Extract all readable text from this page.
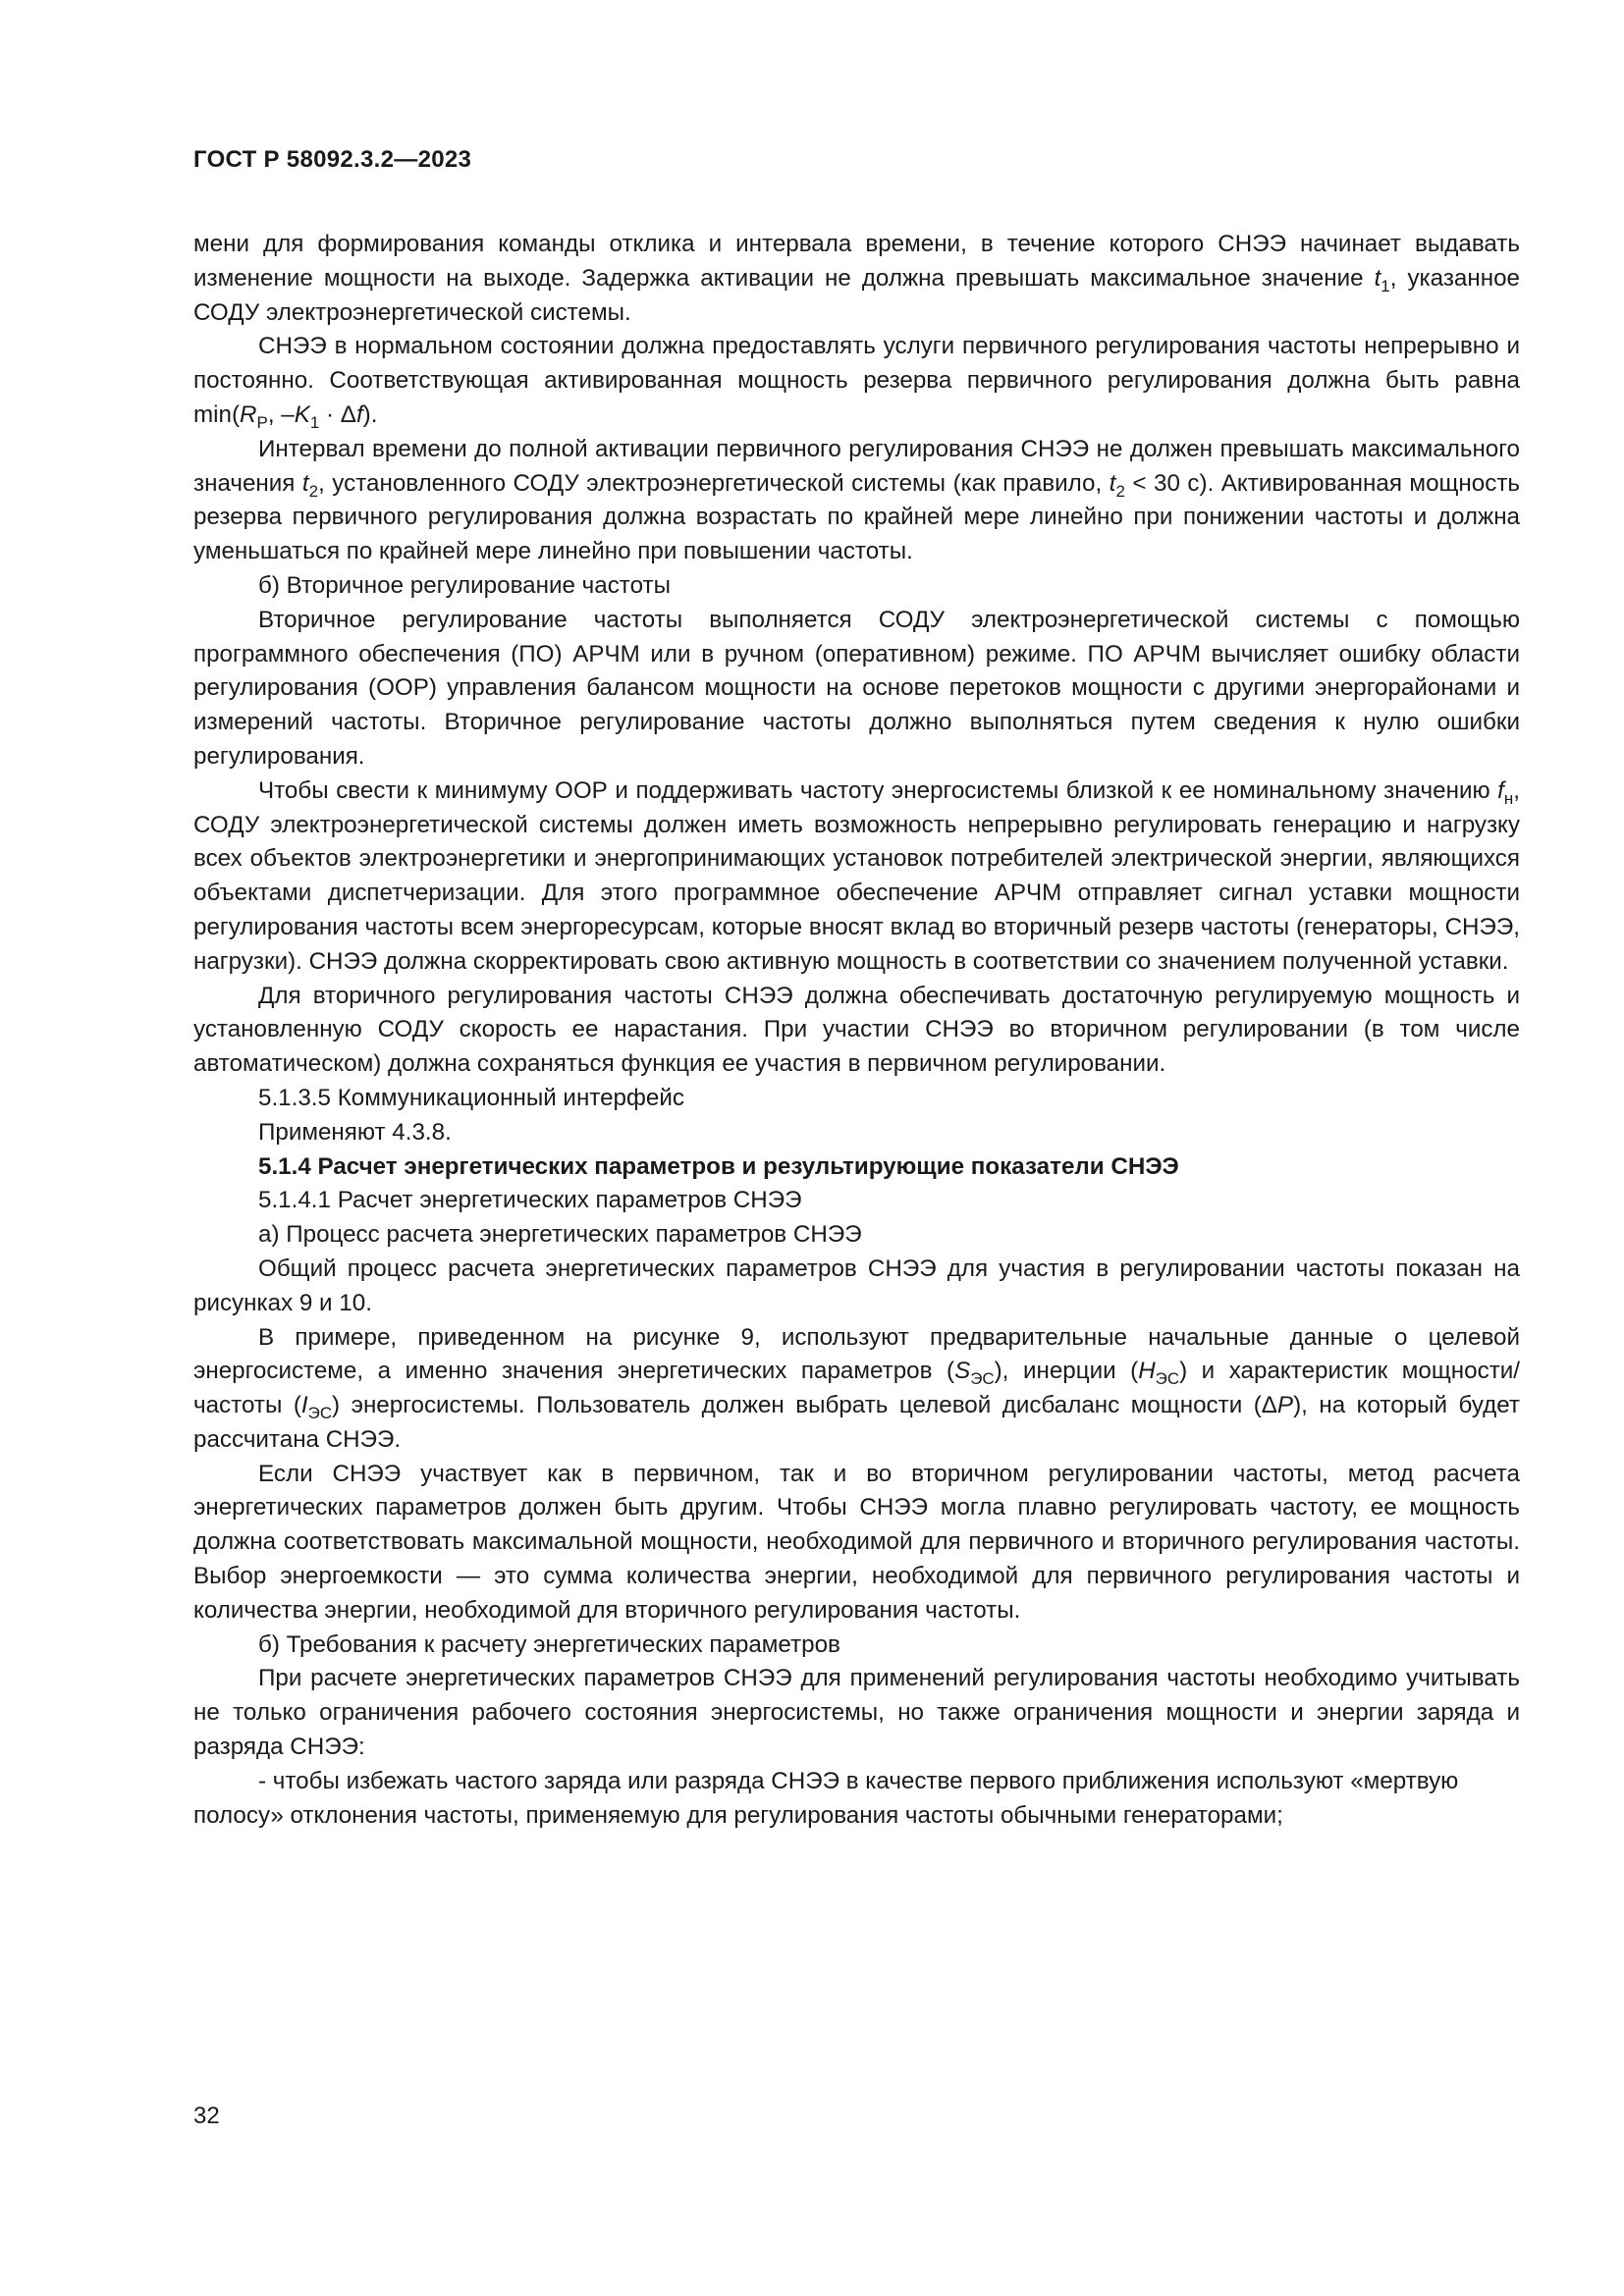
ГОСТ Р 58092.3.2—2023

мени для формирования команды отклика и интервала времени, в течение которого СНЭЭ начинает выдавать изменение мощности на выходе. Задержка активации не должна превышать максимальное значение $t_1$, указанное СОДУ электроэнергетической системы.

СНЭЭ в нормальном состоянии должна предоставлять услуги первичного регулирования частоты непрерывно и постоянно. Соответствующая активированная мощность резерва первичного регулирования должна быть равна $\min(R_P$, $-K_1 \cdot \Delta f$).

Интервал времени до полной активации первичного регулирования СНЭЭ не должен превышать максимального значения $t_2$, установленного СОДУ электроэнергетической системы (как правило, $t_2 < 30$ с). Активированная мощность резерва первичного регулирования должна возрастать по крайней мере линейно при понижении частоты и должна уменьшаться по крайней мере линейно при повышении частоты.

б) Вторичное регулирование частоты

Вторичное регулирование частоты выполняется СОДУ электроэнергетической системы с помощью программного обеспечения (ПО) АРЧМ или в ручном (оперативном) режиме. ПО АРЧМ вычисляет ошибку области регулирования (ООР) управления балансом мощности на основе перетоков мощности с другими энергорайонами и измерений частоты. Вторичное регулирование частоты должно выполняться путем сведения к нулю ошибки регулирования.

Чтобы свести к минимуму ООР и поддерживать частоту энергосистемы близкой к ее номинальному значению $f_н$, СОДУ электроэнергетической системы должен иметь возможность непрерывно регулировать генерацию и нагрузку всех объектов электроэнергетики и энергопринимающих установок потребителей электрической энергии, являющихся объектами диспетчеризации. Для этого программное обеспечение АРЧМ отправляет сигнал уставки мощности регулирования частоты всем энергоресурсам, которые вносят вклад во вторичный резерв частоты (генераторы, СНЭЭ, нагрузки). СНЭЭ должна скорректировать свою активную мощность в соответствии со значением полученной уставки.

Для вторичного регулирования частоты СНЭЭ должна обеспечивать достаточную регулируемую мощность и установленную СОДУ скорость ее нарастания. При участии СНЭЭ во вторичном регулировании (в том числе автоматическом) должна сохраняться функция ее участия в первичном регулировании.

5.1.3.5 Коммуникационный интерфейс

Применяют 4.3.8.

5.1.4 Расчет энергетических параметров и результирующие показатели СНЭЭ

5.1.4.1 Расчет энергетических параметров СНЭЭ

а) Процесс расчета энергетических параметров СНЭЭ

Общий процесс расчета энергетических параметров СНЭЭ для участия в регулировании частоты показан на рисунках 9 и 10.

В примере, приведенном на рисунке 9, используют предварительные начальные данные о целевой энергосистеме, а именно значения энергетических параметров $(S_{ЭС})$, инерции $(H_{ЭС})$ и характеристик мощности/частоты $(I_{ЭС})$ энергосистемы. Пользователь должен выбрать целевой дисбаланс мощности (ΔP), на который будет рассчитана СНЭЭ.

Если СНЭЭ участвует как в первичном, так и во вторичном регулировании частоты, метод расчета энергетических параметров должен быть другим. Чтобы СНЭЭ могла плавно регулировать частоту, ее мощность должна соответствовать максимальной мощности, необходимой для первичного и вторичного регулирования частоты. Выбор энергоемкости — это сумма количества энергии, необходимой для первичного регулирования частоты и количества энергии, необходимой для вторичного регулирования частоты.

б) Требования к расчету энергетических параметров

При расчете энергетических параметров СНЭЭ для применений регулирования частоты необходимо учитывать не только ограничения рабочего состояния энергосистемы, но также ограничения мощности и энергии заряда и разряда СНЭЭ:

- чтобы избежать частого заряда или разряда СНЭЭ в качестве первого приближения используют «мертвую полосу» отклонения частоты, применяемую для регулирования частоты обычными генераторами;

32
